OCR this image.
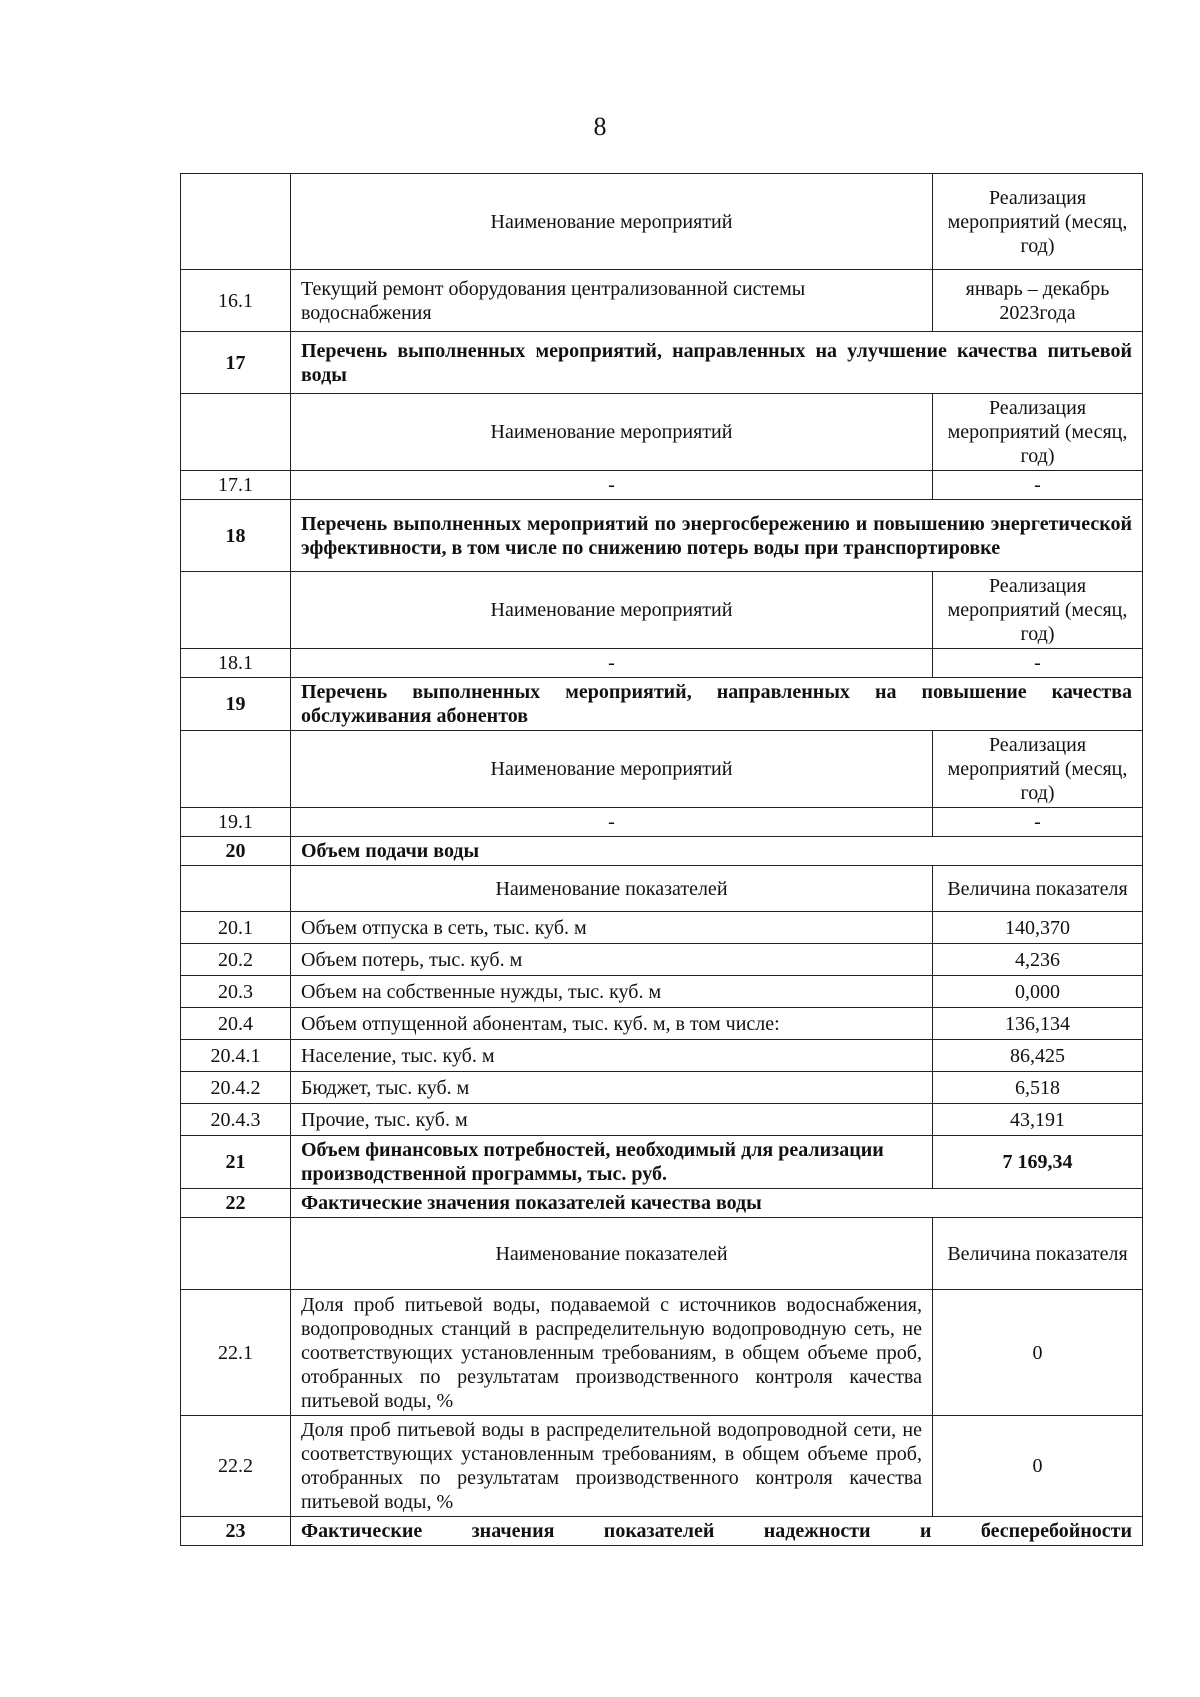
8
	Наименование мероприятий	Реализация мероприятий (месяц, год)
16.1	Текущий ремонт оборудования централизованной системы водоснабжения	январь – декабрь 2023года
17	Перечень выполненных мероприятий, направленных на улучшение качества питьевой воды	
	Наименование мероприятий	Реализация мероприятий (месяц, год)
17.1	-	-
18	Перечень выполненных мероприятий по энергосбережению и повышению энергетической эффективности, в том числе по снижению потерь воды при транспортировке	
	Наименование мероприятий	Реализация мероприятий (месяц, год)
18.1	-	-
19	Перечень выполненных мероприятий, направленных на повышение качества обслуживания абонентов	
	Наименование мероприятий	Реализация мероприятий (месяц, год)
19.1	-	-
20	Объем подачи воды	
	Наименование показателей	Величина показателя
20.1	Объем отпуска в сеть, тыс. куб. м	140,370
20.2	Объем потерь, тыс. куб. м	4,236
20.3	Объем на собственные нужды, тыс. куб. м	0,000
20.4	Объем отпущенной абонентам, тыс. куб. м, в том числе:	136,134
20.4.1	Население, тыс. куб. м	86,425
20.4.2	Бюджет, тыс. куб. м	6,518
20.4.3	Прочие, тыс. куб. м	43,191
21	Объем финансовых потребностей, необходимый для реализации производственной программы, тыс. руб.	7 169,34
22	Фактические значения показателей качества воды	
	Наименование показателей	Величина показателя
22.1	Доля проб питьевой воды, подаваемой с источников водоснабжения, водопроводных станций в распределительную водопроводную сеть, не соответствующих установленным требованиям, в общем объеме проб, отобранных по результатам производственного контроля качества питьевой воды, %	0
22.2	Доля проб питьевой воды в распределительной водопроводной сети, не соответствующих установленным требованиям, в общем объеме проб, отобранных по результатам производственного контроля качества питьевой воды, %	0
23	Фактические значения показателей надежности и бесперебойности	
